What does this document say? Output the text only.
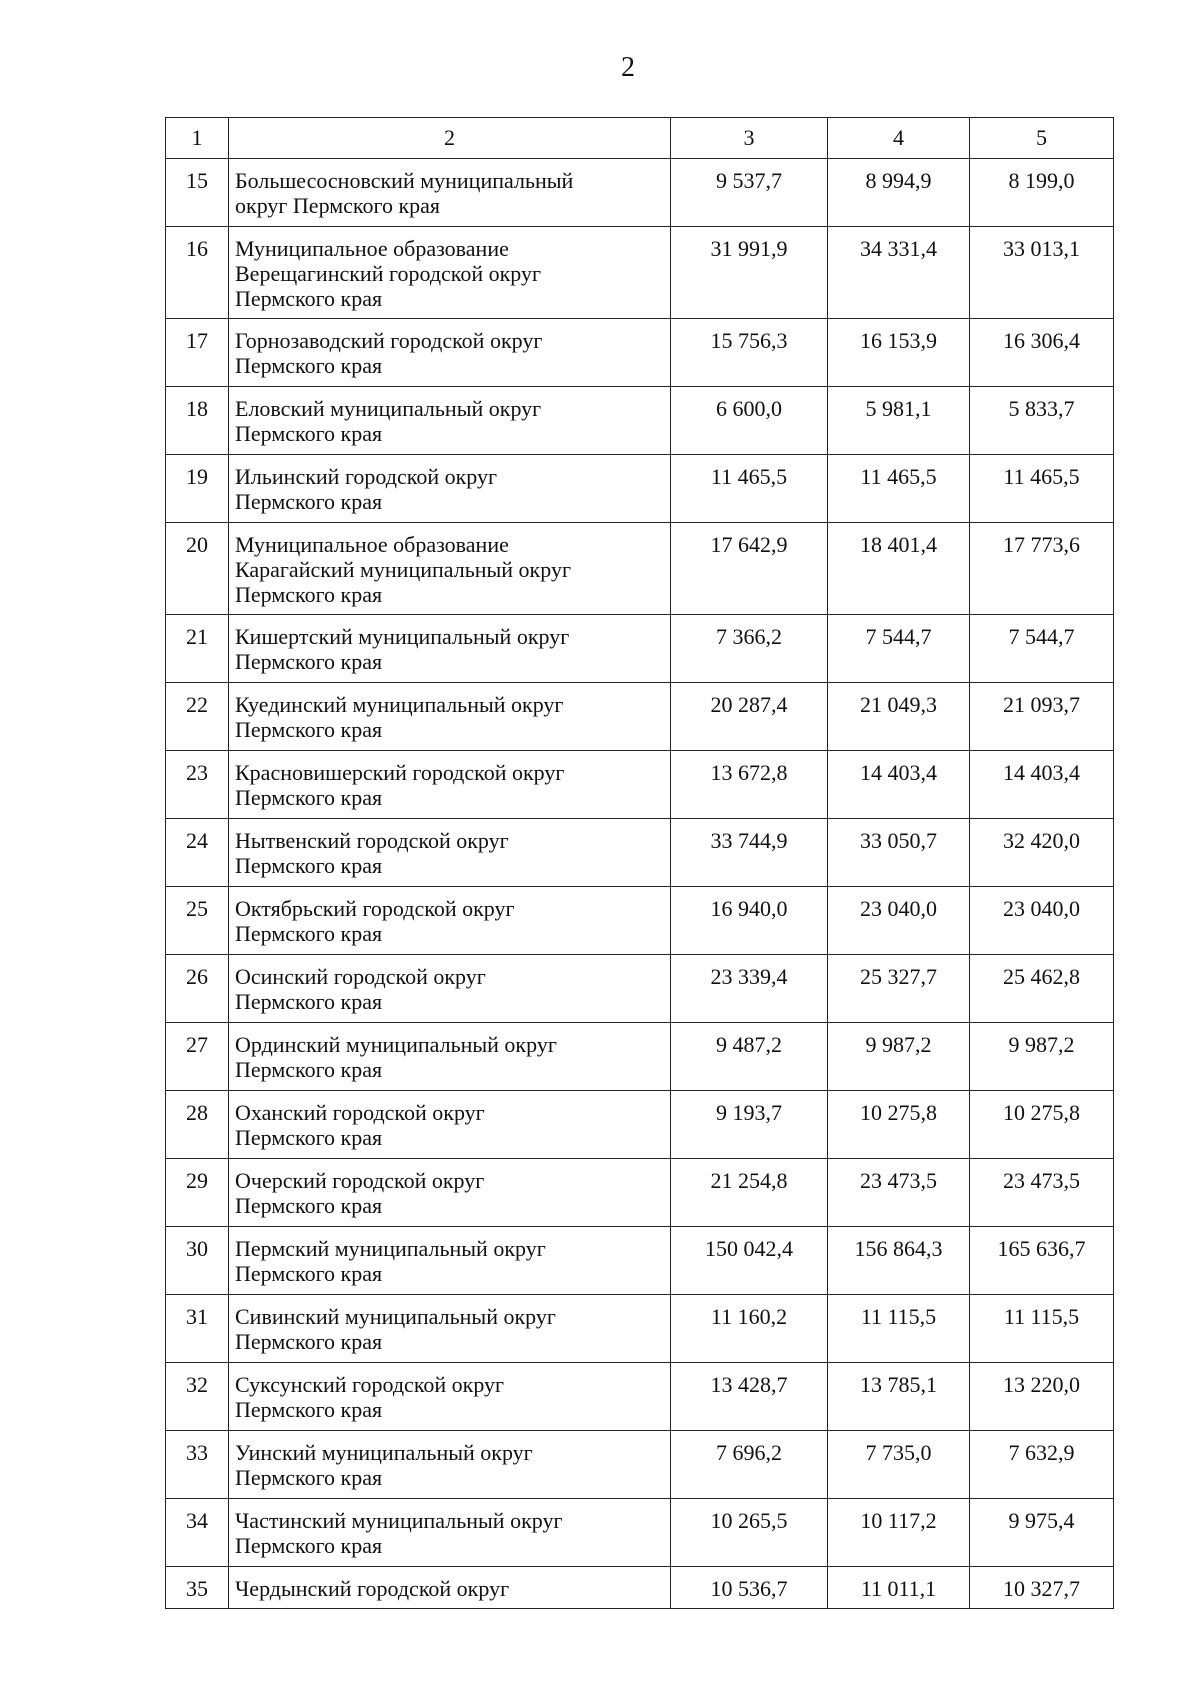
2
1	2	3	4	5
15	Большесосновский муниципальный
округ Пермского края	9 537,7	8 994,9	8 199,0
16	Муниципальное образование
Верещагинский городской округ
Пермского края	31 991,9	34 331,4	33 013,1
17	Горнозаводский городской округ
Пермского края	15 756,3	16 153,9	16 306,4
18	Еловский муниципальный округ
Пермского края	6 600,0	5 981,1	5 833,7
19	Ильинский городской округ
Пермского края	11 465,5	11 465,5	11 465,5
20	Муниципальное образование
Карагайский муниципальный округ
Пермского края	17 642,9	18 401,4	17 773,6
21	Кишертский муниципальный округ
Пермского края	7 366,2	7 544,7	7 544,7
22	Куединский муниципальный округ
Пермского края	20 287,4	21 049,3	21 093,7
23	Красновишерский городской округ
Пермского края	13 672,8	14 403,4	14 403,4
24	Нытвенский городской округ
Пермского края	33 744,9	33 050,7	32 420,0
25	Октябрьский городской округ
Пермского края	16 940,0	23 040,0	23 040,0
26	Осинский городской округ
Пермского края	23 339,4	25 327,7	25 462,8
27	Ординский муниципальный округ
Пермского края	9 487,2	9 987,2	9 987,2
28	Оханский городской округ
Пермского края	9 193,7	10 275,8	10 275,8
29	Очерский городской округ
Пермского края	21 254,8	23 473,5	23 473,5
30	Пермский муниципальный округ
Пермского края	150 042,4	156 864,3	165 636,7
31	Сивинский муниципальный округ
Пермского края	11 160,2	11 115,5	11 115,5
32	Суксунский городской округ
Пермского края	13 428,7	13 785,1	13 220,0
33	Уинский муниципальный округ
Пермского края	7 696,2	7 735,0	7 632,9
34	Частинский муниципальный округ
Пермского края	10 265,5	10 117,2	9 975,4
35	Чердынский городской округ	10 536,7	11 011,1	10 327,7
